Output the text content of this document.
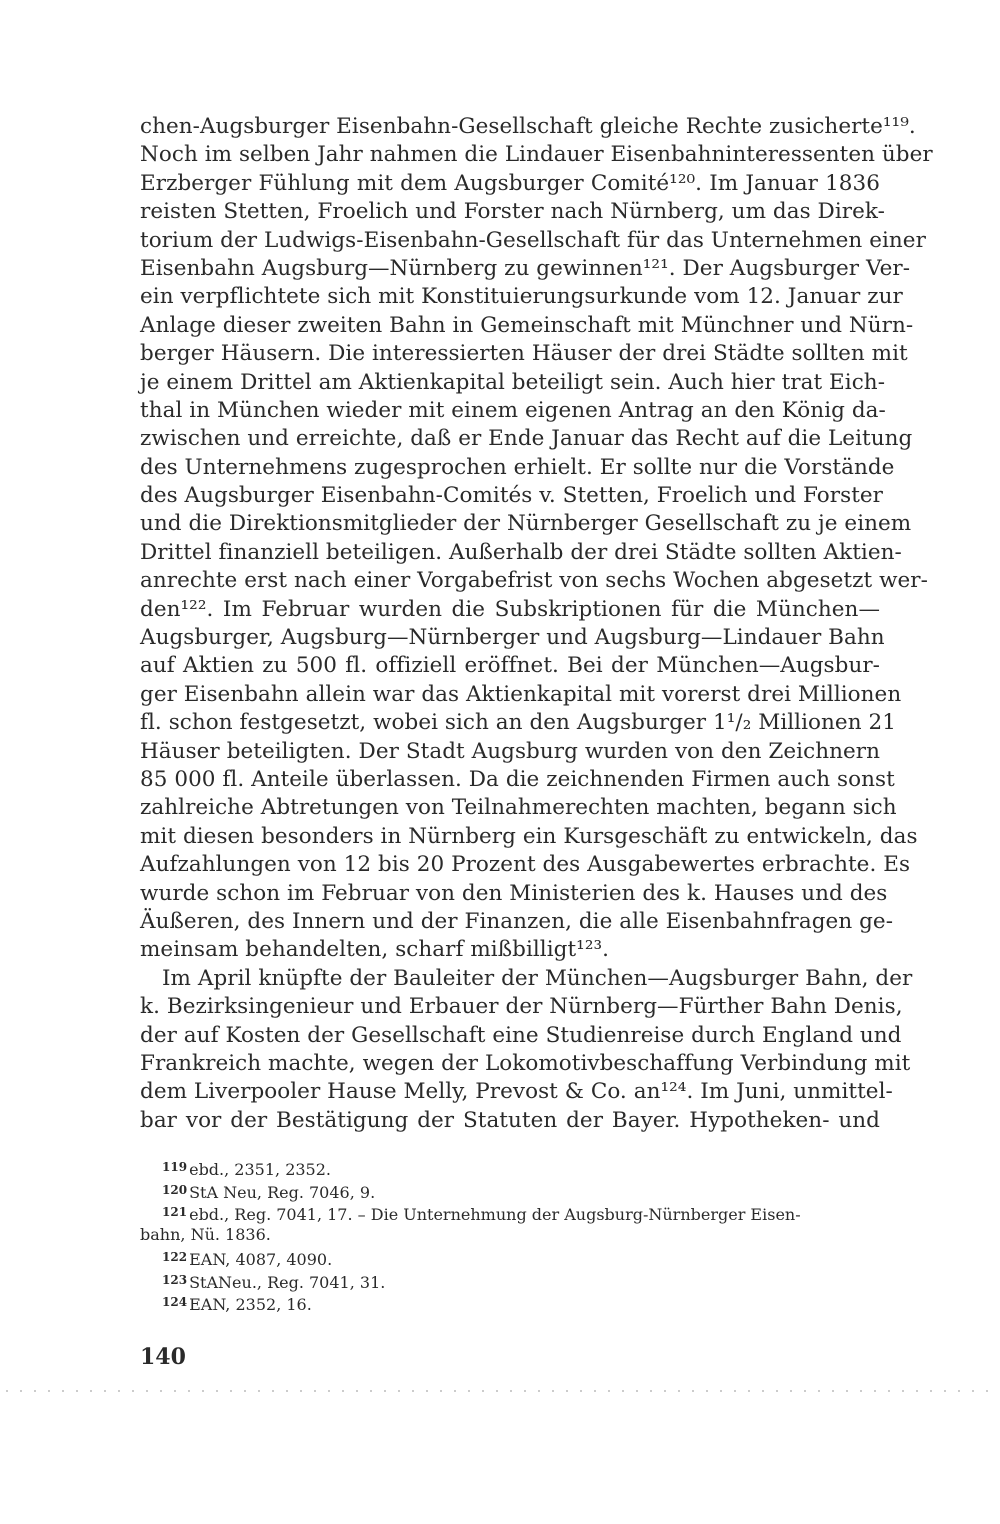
chen-Augsburger Eisenbahn-Gesellschaft gleiche Rechte zusicherte¹¹⁹.
Noch im selben Jahr nahmen die Lindauer Eisenbahninteressenten über
Erzberger Fühlung mit dem Augsburger Comité¹²⁰. Im Januar 1836
reisten Stetten, Froelich und Forster nach Nürnberg, um das Direk-
torium der Ludwigs-Eisenbahn-Gesellschaft für das Unternehmen einer
Eisenbahn Augsburg—Nürnberg zu gewinnen¹²¹. Der Augsburger Ver-
ein verpflichtete sich mit Konstituierungsurkunde vom 12. Januar zur
Anlage dieser zweiten Bahn in Gemeinschaft mit Münchner und Nürn-
berger Häusern. Die interessierten Häuser der drei Städte sollten mit
je einem Drittel am Aktienkapital beteiligt sein. Auch hier trat Eich-
thal in München wieder mit einem eigenen Antrag an den König da-
zwischen und erreichte, daß er Ende Januar das Recht auf die Leitung
des Unternehmens zugesprochen erhielt. Er sollte nur die Vorstände
des Augsburger Eisenbahn-Comités v. Stetten, Froelich und Forster
und die Direktionsmitglieder der Nürnberger Gesellschaft zu je einem
Drittel finanziell beteiligen. Außerhalb der drei Städte sollten Aktien-
anrechte erst nach einer Vorgabefrist von sechs Wochen abgesetzt wer-
den¹²². Im Februar wurden die Subskriptionen für die München—
Augsburger, Augsburg—Nürnberger und Augsburg—Lindauer Bahn
auf Aktien zu 500 fl. offiziell eröffnet. Bei der München—Augsbur-
ger Eisenbahn allein war das Aktienkapital mit vorerst drei Millionen
fl. schon festgesetzt, wobei sich an den Augsburger 1¹/₂ Millionen 21
Häuser beteiligten. Der Stadt Augsburg wurden von den Zeichnern
85 000 fl. Anteile überlassen. Da die zeichnenden Firmen auch sonst
zahlreiche Abtretungen von Teilnahmerechten machten, begann sich
mit diesen besonders in Nürnberg ein Kursgeschäft zu entwickeln, das
Aufzahlungen von 12 bis 20 Prozent des Ausgabewertes erbrachte. Es
wurde schon im Februar von den Ministerien des k. Hauses und des
Äußeren, des Innern und der Finanzen, die alle Eisenbahnfragen ge-
meinsam behandelten, scharf mißbilligt¹²³.
Im April knüpfte der Bauleiter der München—Augsburger Bahn, der
k. Bezirksingenieur und Erbauer der Nürnberg—Fürther Bahn Denis,
der auf Kosten der Gesellschaft eine Studienreise durch England und
Frankreich machte, wegen der Lokomotivbeschaffung Verbindung mit
dem Liverpooler Hause Melly, Prevost & Co. an¹²⁴. Im Juni, unmittel-
bar vor der Bestätigung der Statuten der Bayer. Hypotheken- und
119 ebd., 2351, 2352.
120 StA Neu, Reg. 7046, 9.
121 ebd., Reg. 7041, 17. – Die Unternehmung der Augsburg-Nürnberger Eisen-
bahn, Nü. 1836.
122 EAN, 4087, 4090.
123 StANeu., Reg. 7041, 31.
124 EAN, 2352, 16.
140
